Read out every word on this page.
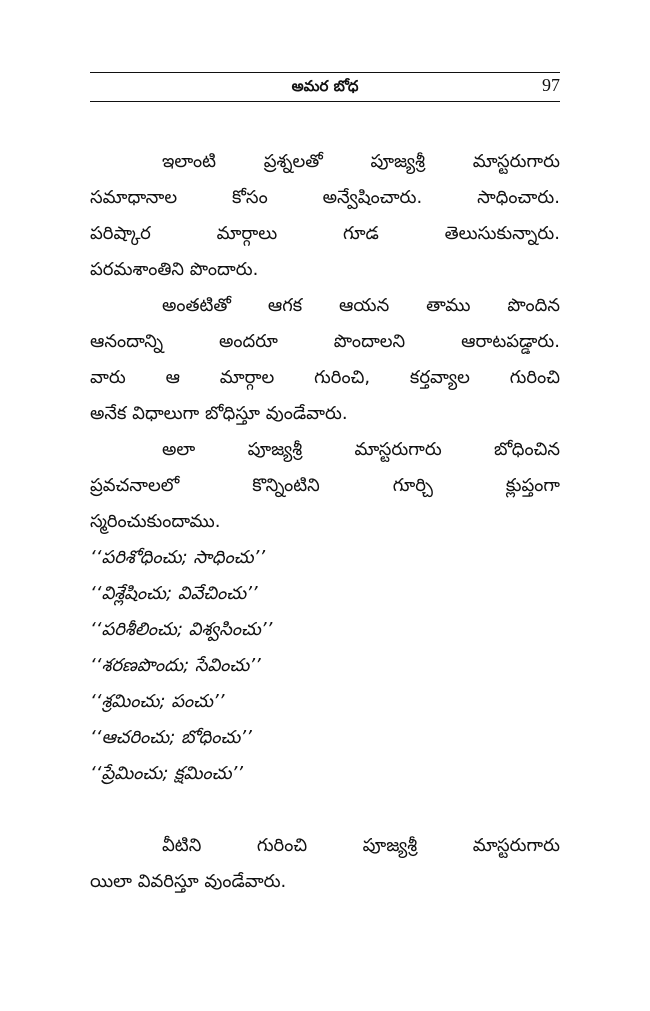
అమర బోధ	97
ఇలాంటి ప్రశ్నలతో పూజ్యశ్రీ మాస్టరుగారు
సమాధానాల కోసం అన్వేషించారు. సాధించారు.
పరిష్కార మార్గాలు గూడ తెలుసుకున్నారు.
పరమశాంతిని పొందారు.
అంతటితో ఆగక ఆయన తాము పొందిన
ఆనందాన్ని అందరూ పొందాలని ఆరాటపడ్డారు.
వారు ఆ మార్గాల గురించి, కర్తవ్యాల గురించి
అనేక విధాలుగా బోధిస్తూ వుండేవారు.
అలా పూజ్యశ్రీ మాస్టరుగారు బోధించిన
ప్రవచనాలలో కొన్నింటిని గూర్చి క్లుప్తంగా
స్మరించుకుందాము.
‘‘పరిశోధించు; సాధించు’’
‘‘విశ్లేషించు; వివేచించు’’
‘‘పరిశీలించు; విశ్వసించు’’
‘‘శరణపొందు; సేవించు’’
‘‘శ్రమించు; పంచు’’
‘‘ఆచరించు; బోధించు’’
‘‘ప్రేమించు; క్షమించు’’
వీటిని గురించి పూజ్యశ్రీ మాస్టరుగారు
యిలా వివరిస్తూ వుండేవారు.
